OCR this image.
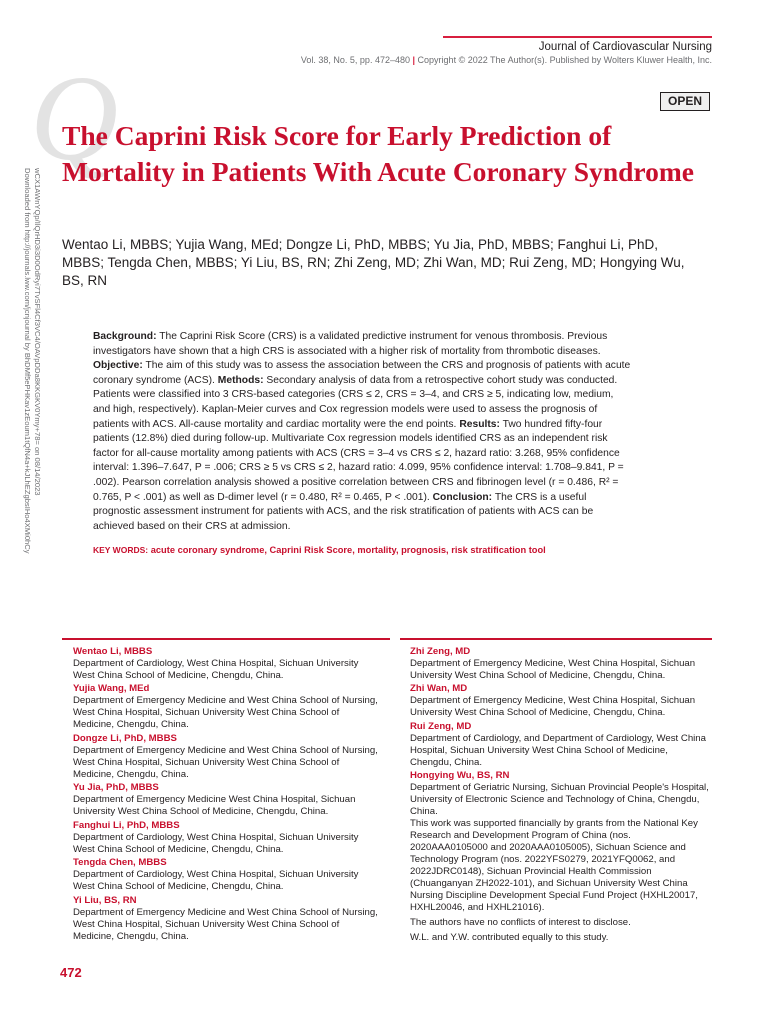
Journal of Cardiovascular Nursing
Vol. 38, No. 5, pp. 472–480 | Copyright © 2022 The Author(s). Published by Wolters Kluwer Health, Inc.
Q	OPEN
The Caprini Risk Score for Early Prediction of Mortality in Patients With Acute Coronary Syndrome
Wentao Li, MBBS; Yujia Wang, MEd; Dongze Li, PhD, MBBS; Yu Jia, PhD, MBBS; Fanghui Li, PhD, MBBS; Tengda Chen, MBBS; Yi Liu, BS, RN; Zhi Zeng, MD; Zhi Wan, MD; Rui Zeng, MD; Hongying Wu, BS, RN
Downloaded from http://journals.lww.com/jcnjournal by BhDMf5ePHKav1zEoum1tQfN4a+kJLhEZgbsIHo4XMi0hCy wCX1AWnYQp/IlQrHD3i3D0OdRyi7TvSFl4Cf3VC4/OAVpDDa8KKGKV0Ymy+78= on 08/14/2023	Background: The Caprini Risk Score (CRS) is a validated predictive instrument for venous thrombosis. Previous investigators have shown that a high CRS is associated with a higher risk of mortality from thrombotic diseases. Objective: The aim of this study was to assess the association between the CRS and prognosis of patients with acute coronary syndrome (ACS). Methods: Secondary analysis of data from a retrospective cohort study was conducted. Patients were classified into 3 CRS-based categories (CRS ≤ 2, CRS = 3–4, and CRS ≥ 5, indicating low, medium, and high, respectively). Kaplan-Meier curves and Cox regression models were used to assess the prognosis of patients with ACS. All-cause mortality and cardiac mortality were the end points. Results: Two hundred fifty-four patients (12.8%) died during follow-up. Multivariate Cox regression models identified CRS as an independent risk factor for all-cause mortality among patients with ACS (CRS = 3–4 vs CRS ≤ 2, hazard ratio: 3.268, 95% confidence interval: 1.396–7.647, P = .006; CRS ≥ 5 vs CRS ≤ 2, hazard ratio: 4.099, 95% confidence interval: 1.708–9.841, P = .002). Pearson correlation analysis showed a positive correlation between CRS and fibrinogen level (r = 0.486, R² = 0.765, P < .001) as well as D-dimer level (r = 0.480, R² = 0.465, P < .001). Conclusion: The CRS is a useful prognostic assessment instrument for patients with ACS, and the risk stratification of patients with ACS can be achieved based on their CRS at admission.

KEY WORDS: acute coronary syndrome, Caprini Risk Score, mortality, prognosis, risk stratification tool
Wentao Li, MBBS
Department of Cardiology, West China Hospital, Sichuan University West China School of Medicine, Chengdu, China.
Yujia Wang, MEd
Department of Emergency Medicine and West China School of Nursing, West China Hospital, Sichuan University West China School of Medicine, Chengdu, China.
Dongze Li, PhD, MBBS
Department of Emergency Medicine and West China School of Nursing, West China Hospital, Sichuan University West China School of Medicine, Chengdu, China.
Yu Jia, PhD, MBBS
Department of Emergency Medicine West China Hospital, Sichuan University West China School of Medicine, Chengdu, China.
Fanghui Li, PhD, MBBS
Department of Cardiology, West China Hospital, Sichuan University West China School of Medicine, Chengdu, China.
Tengda Chen, MBBS
Department of Cardiology, West China Hospital, Sichuan University West China School of Medicine, Chengdu, China.
Yi Liu, BS, RN
Department of Emergency Medicine and West China School of Nursing, West China Hospital, Sichuan University West China School of Medicine, Chengdu, China.
Zhi Zeng, MD
Department of Emergency Medicine, West China Hospital, Sichuan University West China School of Medicine, Chengdu, China.
Zhi Wan, MD
Department of Emergency Medicine, West China Hospital, Sichuan University West China School of Medicine, Chengdu, China.
Rui Zeng, MD
Department of Cardiology, and Department of Cardiology, West China Hospital, Sichuan University West China School of Medicine, Chengdu, China.
Hongying Wu, BS, RN
Department of Geriatric Nursing, Sichuan Provincial People's Hospital, University of Electronic Science and Technology of China, Chengdu, China.
This work was supported financially by grants from the National Key Research and Development Program of China (nos. 2020AAA0105000 and 2020AAA0105005), Sichuan Science and Technology Program (nos. 2022YFS0279, 2021YFQ0062, and 2022JDRC0148), Sichuan Provincial Health Commission (Chuanganyan ZH2022-101), and Sichuan University West China Nursing Discipline Development Special Fund Project (HXHL20017, HXHL20046, and HXHL21016).
The authors have no conflicts of interest to disclose.
W.L. and Y.W. contributed equally to this study.
472
